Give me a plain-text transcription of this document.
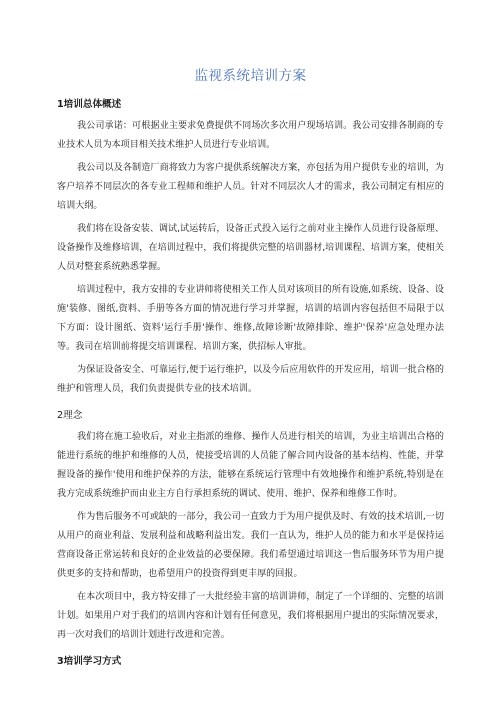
监视系统培训方案
1培训总体概述

我公司承诺：可根据业主要求免费提供不同场次多次用户现场培训。我公司安排各制商的专业技术人员为本项目相关技术维护人员进行专业培训。

我公司以及各制造厂商将致力为客户提供系统解决方案，亦包括为用户提供专业的培训，为客户培养不同层次的各专业工程师和维护人员。针对不同层次人才的需求，我公司制定有相应的培训大纲。

我们将在设备安装、调试,试运转后，设备正式投入运行之前对业主操作人员进行设备原理、设备操作及维修培训，在培训过程中，我们将提供完整的培训器材,培训课程、培训方案，使相关人员对整套系统熟悉掌握。

培训过程中，我方安排的专业讲师将使相关工作人员对该项目的所有设施,如系统、设备、设施'装修、图纸,资料、手册等各方面的情况进行学习并掌握，培训的培训内容包括但不局限于以下方面：设计图纸、资料'运行手册'操作、维修,故障诊断'故障排除、维护'保养'应急处理办法等。我司在培训前将提交培训课程、培训方案，供招标人审批。

为保证设备安全、可靠运行,便于运行维护，以及今后应用软件的开发应用，培训一批合格的维护和管理人员，我们负责提供专业的技术培训。

2理念

我们将在施工验收后，对业主指派的维修、操作人员进行相关的培训，为业主培训出合格的能进行系统的维护和维修的人员，使接受培训的人员能了解合同内设备的基本结构、性能，并掌握设备的操作'使用和维护保养的方法，能够在系统运行管理中有效地操作和维护系统,特别是在我方完成系统维护而由业主方自行承担系统的调试、使用、维护、保养和维修工作时。

作为售后服务不可或缺的一部分，我公司一直致力于为用户提供及时、有效的技术培训,一切从用户的商业利益、发展利益和战略利益出发。我们一直认为，维护人员的能力和水平是保持运营商设备正常运转和良好的企业效益的必要保障。我们希望通过培训这一售后服务环节为用户提供更多的支持和帮助，也希望用户的投资得到更丰厚的回报。

在本次项目中，我方特安排了一大批经验丰富的培训讲师，制定了一个详细的、完整的培训计划。如果用户对于我们的培训内容和计划有任何意见，我们将根据用户提出的实际情况要求，再一次对我们的培训计划进行改进和完善。

3培训学习方式
